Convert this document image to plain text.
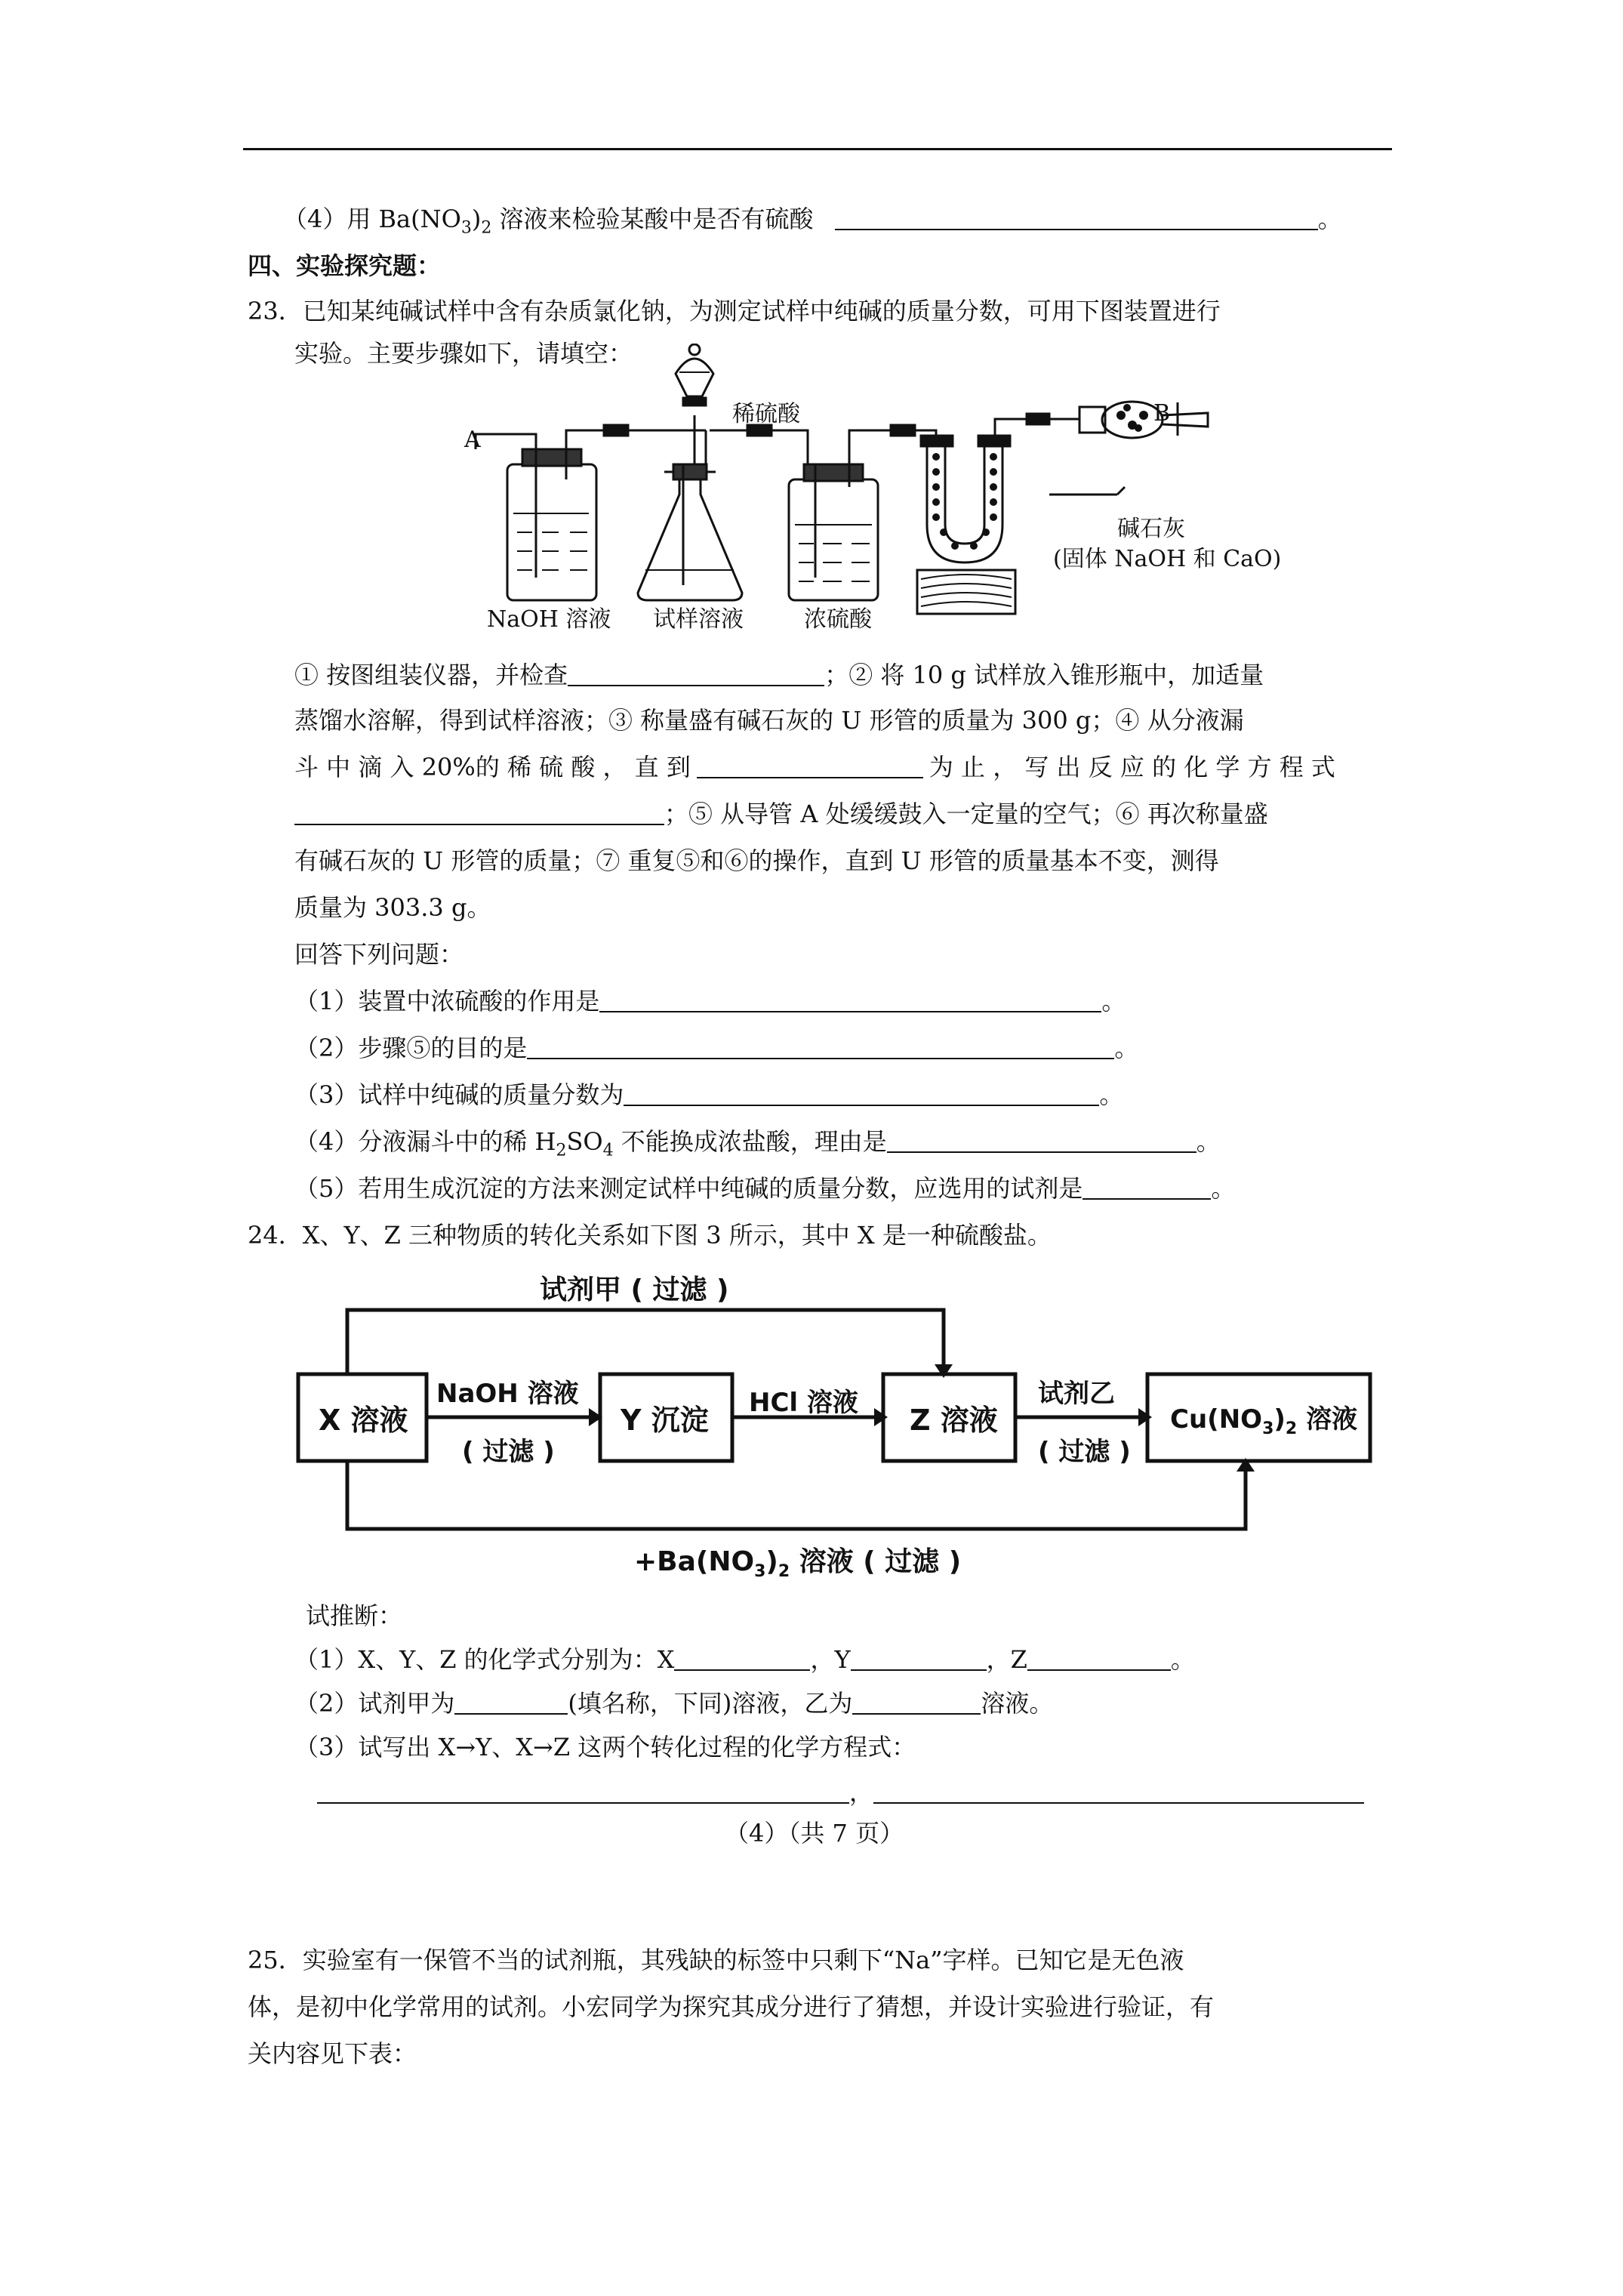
（4）用 $Ba(NO_3)_2$ 溶液来检验某酸中是否有硫酸	。
四、实验探究题：
23．已知某纯碱试样中含有杂质氯化钠，为测定试样中纯碱的质量分数，可用下图装置进行
实验。主要步骤如下，请填空：
A
B
稀硫酸
碱石灰
(固体 NaOH 和 CaO)
NaOH 溶液 试样溶液	浓硫酸
① 按图组装仪器，并检查	；② 将 10 g 试样放入锥形瓶中，加适量
蒸馏水溶解，得到试样溶液；③ 称量盛有碱石灰的 U 形管的质量为 300 g；④ 从分液漏
斗 中 滴 入 20%的 稀 硫 酸 ， 直 到	为 止 ， 写 出 反 应 的 化 学 方 程 式
；⑤ 从导管 A 处缓缓鼓入一定量的空气；⑥ 再次称量盛
有碱石灰的 U 形管的质量；⑦ 重复⑤和⑥的操作，直到 U 形管的质量基本不变，测得
质量为 303.3 g。
回答下列问题：
（1）装置中浓硫酸的作用是	。
（2）步骤⑤的目的是	。
（3）试样中纯碱的质量分数为	。
（4）分液漏斗中的稀 $H_2SO_4$ 不能换成浓盐酸，理由是	。
（5）若用生成沉淀的方法来测定试样中纯碱的质量分数，应选用的试剂是	。
24．X、Y、Z 三种物质的转化关系如下图 3 所示，其中 X 是一种硫酸盐。
试剂甲 ( 过滤 )
X 溶液
NaOH 溶液
( 过滤 )
Y 沉淀
HCl 溶液
Z 溶液
试剂乙
( 过滤 )
$Cu(NO_3)_2$ 溶液
$+Ba(NO_3)_2$ 溶液 ( 过滤 )
试推断：
（1）X、Y、Z 的化学式分别为：X	，Y	，Z	。
（2）试剂甲为	(填名称，下同)溶液，乙为	溶液。
（3）试写出 X→Y、X→Z 这两个转化过程的化学方程式：
，
（4）（共 7 页）
25．实验室有一保管不当的试剂瓶，其残缺的标签中只剩下“Na”字样。已知它是无色液
体，是初中化学常用的试剂。小宏同学为探究其成分进行了猜想，并设计实验进行验证，有
关内容见下表：
